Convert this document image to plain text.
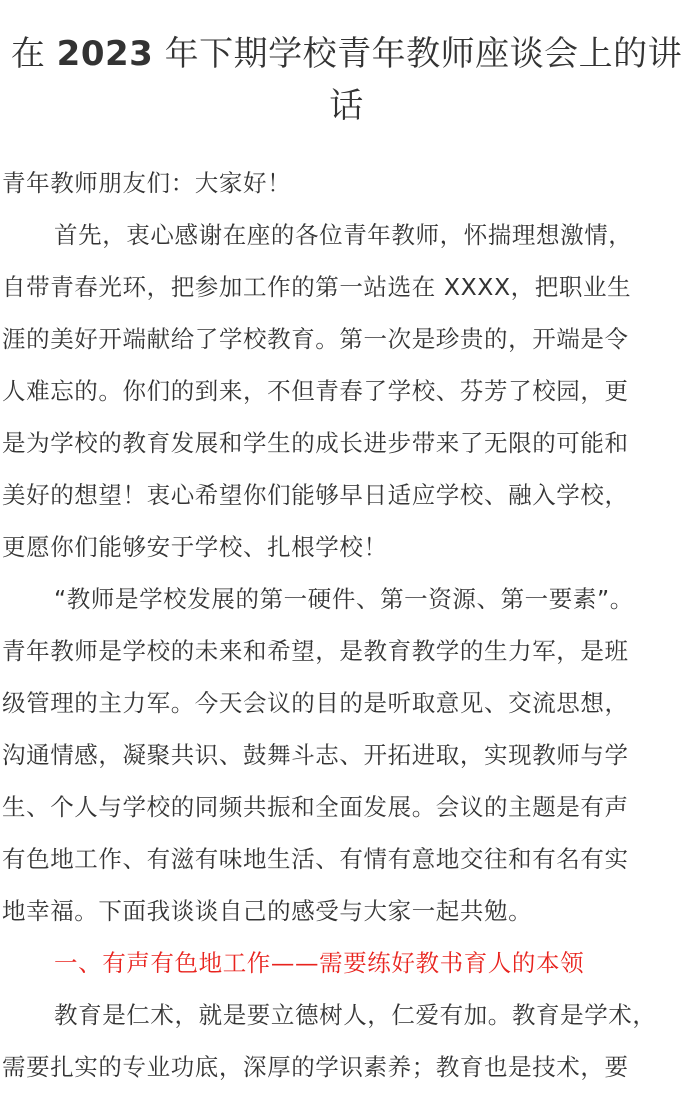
在 2023 年下期学校青年教师座谈会上的讲
话

青年教师朋友们：大家好！

首先，衷心感谢在座的各位青年教师，怀揣理想激情，
自带青春光环，把参加工作的第一站选在 XXXX，把职业生
涯的美好开端献给了学校教育。第一次是珍贵的，开端是令
人难忘的。你们的到来，不但青春了学校、芬芳了校园，更
是为学校的教育发展和学生的成长进步带来了无限的可能和
美好的想望！衷心希望你们能够早日适应学校、融入学校，
更愿你们能够安于学校、扎根学校！

“教师是学校发展的第一硬件、第一资源、第一要素”。
青年教师是学校的未来和希望，是教育教学的生力军，是班
级管理的主力军。今天会议的目的是听取意见、交流思想，
沟通情感，凝聚共识、鼓舞斗志、开拓进取，实现教师与学
生、个人与学校的同频共振和全面发展。会议的主题是有声
有色地工作、有滋有味地生活、有情有意地交往和有名有实
地幸福。下面我谈谈自己的感受与大家一起共勉。

一、有声有色地工作——需要练好教书育人的本领

教育是仁术，就是要立德树人，仁爱有加。教育是学术，
需要扎实的专业功底，深厚的学识素养；教育也是技术，要
